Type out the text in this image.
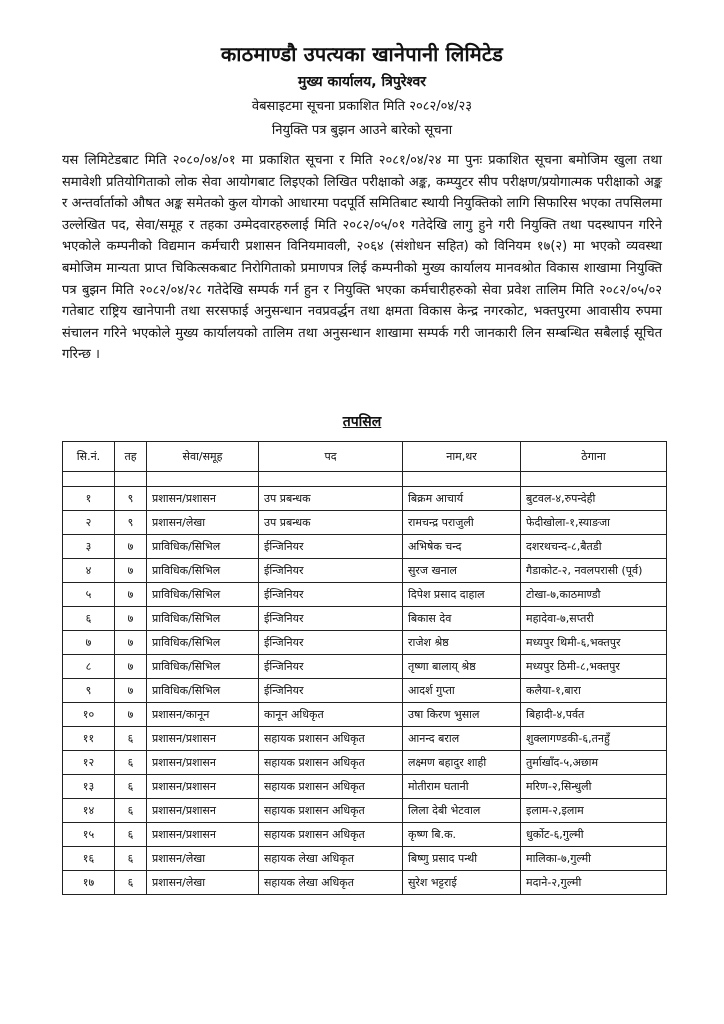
काठमाण्डौ उपत्यका खानेपानी लिमिटेड
मुख्य कार्यालय, त्रिपुरेश्वर
वेबसाइटमा सूचना प्रकाशित मिति २०८२/०४/२३
नियुक्ति पत्र बुझन आउने बारेको सूचना
यस लिमिटेडबाट मिति २०८०/०४/०१ मा प्रकाशित सूचना र मिति २०८१/०४/२४ मा पुनः प्रकाशित सूचना बमोजिम खुला तथा समावेशी प्रतियोगिताको लोक सेवा आयोगबाट लिइएको लिखित परीक्षाको अङ्क, कम्प्युटर सीप परीक्षण/प्रयोगात्मक परीक्षाको अङ्क र अन्तर्वार्ताको औषत अङ्क समेतको कुल योगको आधारमा पदपूर्ति समितिबाट स्थायी नियुक्तिको लागि सिफारिस भएका तपसिलमा उल्लेखित पद, सेवा/समूह र तहका उम्मेदवारहरुलाई मिति २०८२/०५/०१ गतेदेखि लागु हुने गरी नियुक्ति तथा पदस्थापन गरिने भएकोले कम्पनीको विद्यमान कर्मचारी प्रशासन विनियमावली, २०६४ (संशोधन सहित) को विनियम १७(२) मा भएको व्यवस्था बमोजिम मान्यता प्राप्त चिकित्सकबाट निरोगिताको प्रमाणपत्र लिई कम्पनीको मुख्य कार्यालय मानवश्रोत विकास शाखामा नियुक्ति पत्र बुझन मिति २०८२/०४/२८ गतेदेखि सम्पर्क गर्न हुन र नियुक्ति भएका कर्मचारीहरुको सेवा प्रवेश तालिम मिति २०८२/०५/०२ गतेबाट राष्ट्रिय खानेपानी तथा सरसफाई अनुसन्धान नवप्रवर्द्धन तथा क्षमता विकास केन्द्र नगरकोट, भक्तपुरमा आवासीय रुपमा संचालन गरिने भएकोले मुख्य कार्यालयको तालिम तथा अनुसन्धान शाखामा सम्पर्क गरी जानकारी लिन सम्बन्धित सबैलाई सूचित गरिन्छ ।
तपसिल
सि.नं.	तह	सेवा/समूह	पद	नाम,थर	ठेगाना

१	९	प्रशासन/प्रशासन	उप प्रबन्धक	बिक्रम आचार्य	बुटवल-४,रुपन्देही
२	९	प्रशासन/लेखा	उप प्रबन्धक	रामचन्द्र पराजुली	फेदीखोला-१,स्याङजा
३	७	प्राविधिक/सिभिल	ईन्जिनियर	अभिषेक चन्द	दशरथचन्द-८,बैतडी
४	७	प्राविधिक/सिभिल	ईन्जिनियर	सुरज खनाल	गैडाकोट-२, नवलपरासी (पूर्व)
५	७	प्राविधिक/सिभिल	ईन्जिनियर	दिपेश प्रसाद दाहाल	टोखा-७,काठमाण्डौ
६	७	प्राविधिक/सिभिल	ईन्जिनियर	बिकास देव	महादेवा-७,सप्तरी
७	७	प्राविधिक/सिभिल	ईन्जिनियर	राजेश श्रेष्ठ	मध्यपुर थिमी-६,भक्तपुर
८	७	प्राविधिक/सिभिल	ईन्जिनियर	तृष्णा बालाय् श्रेष्ठ	मध्यपुर ठिमी-८,भक्तपुर
९	७	प्राविधिक/सिभिल	ईन्जिनियर	आदर्श गुप्ता	कलैया-१,बारा
१०	७	प्रशासन/कानून	कानून अधिकृत	उषा किरण भुसाल	बिहादी-४,पर्वत
११	६	प्रशासन/प्रशासन	सहायक प्रशासन अधिकृत	आनन्द बराल	शुक्लागण्डकी-६,तनहुँ
१२	६	प्रशासन/प्रशासन	सहायक प्रशासन अधिकृत	लक्ष्मण बहादुर शाही	तुर्माखाँद-५,अछाम
१३	६	प्रशासन/प्रशासन	सहायक प्रशासन अधिकृत	मोतीराम घतानी	मरिण-२,सिन्धुली
१४	६	प्रशासन/प्रशासन	सहायक प्रशासन अधिकृत	लिला देबी भेटवाल	इलाम-२,इलाम
१५	६	प्रशासन/प्रशासन	सहायक प्रशासन अधिकृत	कृष्ण बि.क.	धुर्कोट-६,गुल्मी
१६	६	प्रशासन/लेखा	सहायक लेखा अधिकृत	बिष्णु प्रसाद पन्थी	मालिका-७,गुल्मी
१७	६	प्रशासन/लेखा	सहायक लेखा अधिकृत	सुरेश भट्टराई	मदाने-२,गुल्मी
